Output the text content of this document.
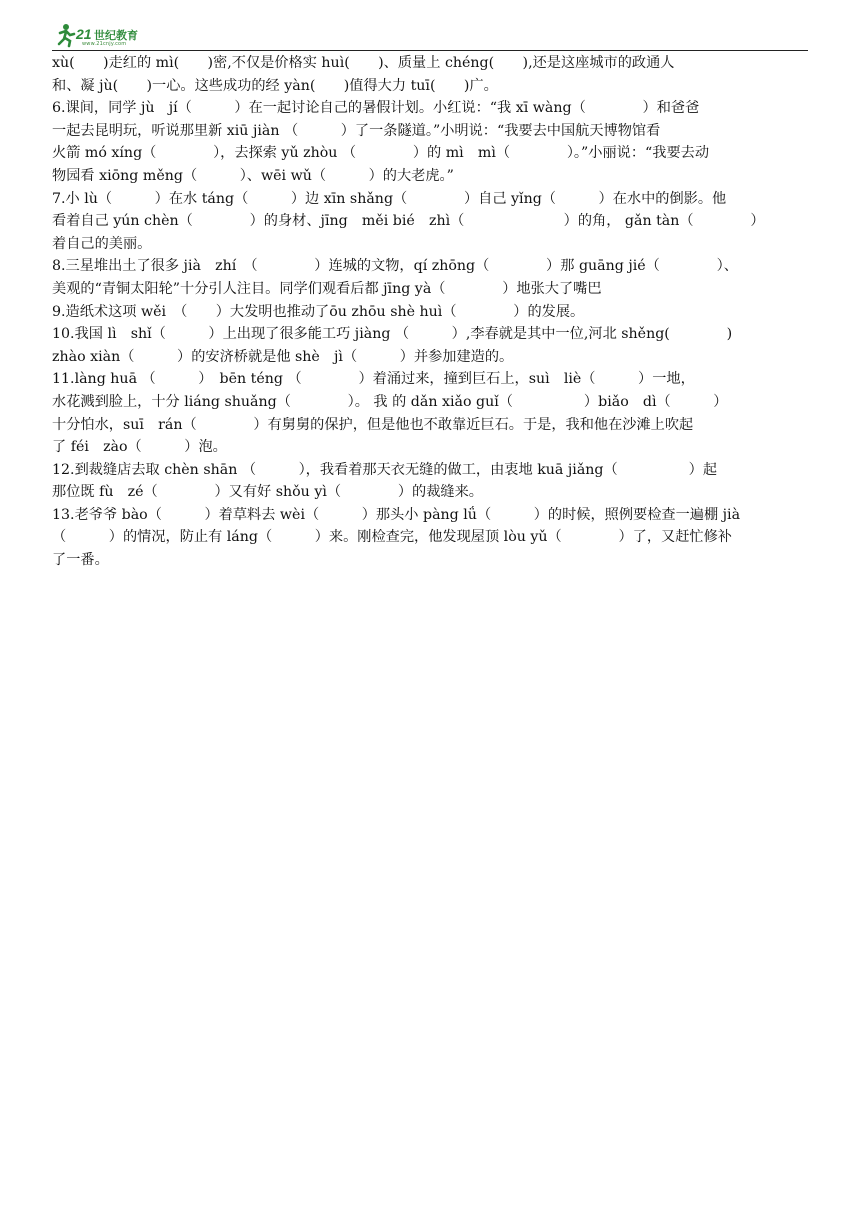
21 世纪教育
www.21cnjy.com
xù(　　)走红的 mì(　　)密,不仅是价格实 huì(　　)、质量上 chéng(　　),还是这座城市的政通人
和、凝 jù(　　)一心。这些成功的经 yàn(　　)值得大力 tuī(　　)广。
6.课间，同学 jù　jí（　　　）在一起讨论自己的暑假计划。小红说：“我 xī wàng（　　　　）和爸爸
一起去昆明玩，听说那里新 xiū jiàn （　　　）了一条隧道。”小明说：“我要去中国航天博物馆看
火箭 mó xíng（　　　　），去探索 yǔ zhòu （　　　　）的 mì　mì（　　　　）。”小丽说：“我要去动
物园看 xiōng měng（　　　）、wēi wǔ（　　　）的大老虎。”
7.小 lù（　　　）在水 táng（　　　）边 xīn shǎng（　　　　）自己 yǐng（　　　）在水中的倒影。他
看着自己 yún chèn（　　　　）的身材、jīng　měi bié　zhì（　　　　　　　）的角， gǎn tàn（　　　　）
着自己的美丽。
8.三星堆出土了很多 jià　zhí　（　　　　）连城的文物，qí zhōng（　　　　）那 guāng jié（　　　　）、
美观的“青铜太阳轮”十分引人注目。同学们观看后都 jīng yà（　　　　）地张大了嘴巴
9.造纸术这项 wěi　（　　）大发明也推动了ōu zhōu shè huì（　　　　）的发展。
10.我国 lì　shǐ（　　　）上出现了很多能工巧 jiàng （　　　）,李春就是其中一位,河北 shěng(　　　　)
zhào xiàn（　　　）的安济桥就是他 shè　jì（　　　）并参加建造的。
11.làng huā （　　　）　bēn téng （　　　　）着涌过来，撞到巨石上，suì　liè（　　　）一地，
水花溅到脸上，十分 liáng shuǎng（　　　　）。 我 的 dǎn xiǎo guǐ（　　　　　）biǎo　dì（　　　）
十分怕水，suī　rán（　　　　）有舅舅的保护，但是他也不敢靠近巨石。于是，我和他在沙滩上吹起
了 féi　zào（　　　）泡。
12.到裁缝店去取 chèn shān （　　　），我看着那天衣无缝的做工，由衷地 kuā jiǎng（　　　　　）起
那位既 fù　zé（　　　　）又有好 shǒu yì（　　　　）的裁缝来。
13.老爷爷 bào（　　　）着草料去 wèi（　　　）那头小 pàng lǘ（　　　）的时候，照例要检查一遍棚 jià
（　　　）的情况，防止有 láng（　　　）来。刚检查完，他发现屋顶 lòu yǔ（　　　　）了，又赶忙修补
了一番。
